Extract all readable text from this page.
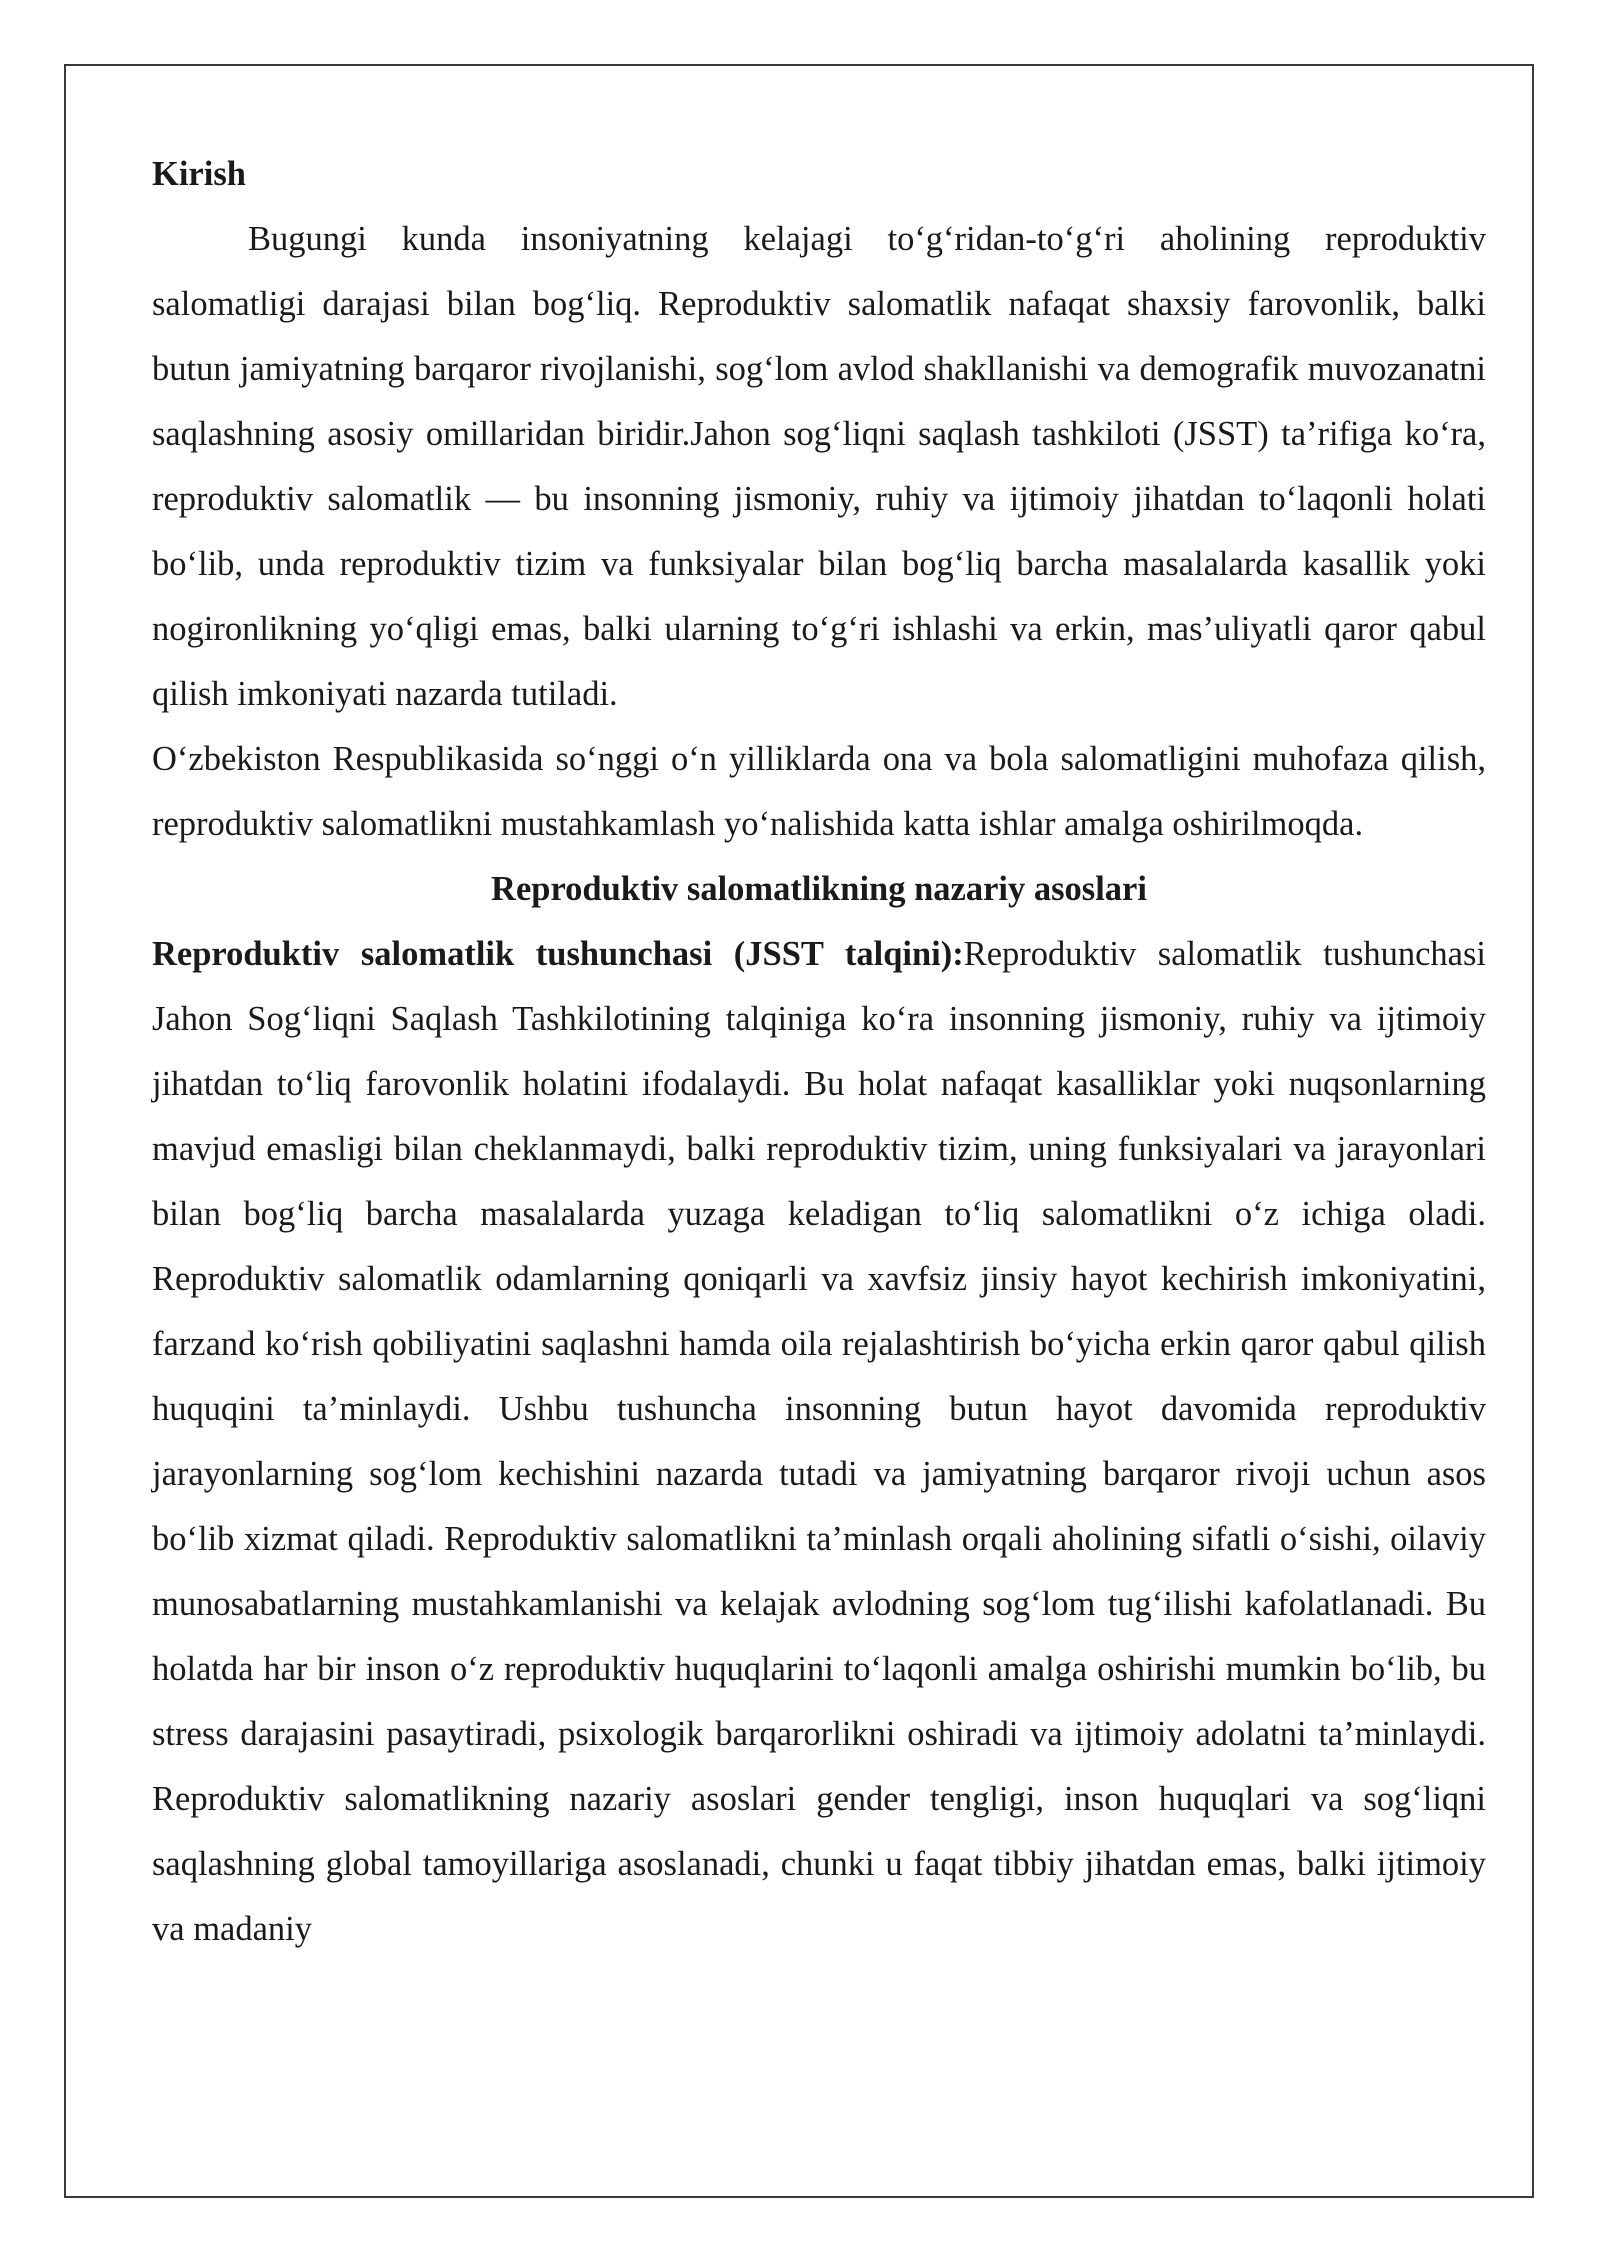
Kirish

Bugungi kunda insoniyatning kelajagi to‘g‘ridan-to‘g‘ri aholining reproduktiv salomatligi darajasi bilan bog‘liq. Reproduktiv salomatlik nafaqat shaxsiy farovonlik, balki butun jamiyatning barqaror rivojlanishi, sog‘lom avlod shakllanishi va demografik muvozanatni saqlashning asosiy omillaridan biridir.Jahon sog‘liqni saqlash tashkiloti (JSST) ta’rifiga ko‘ra, reproduktiv salomatlik — bu insonning jismoniy, ruhiy va ijtimoiy jihatdan to‘laqonli holati bo‘lib, unda reproduktiv tizim va funksiyalar bilan bog‘liq barcha masalalarda kasallik yoki nogironlikning yo‘qligi emas, balki ularning to‘g‘ri ishlashi va erkin, mas’uliyatli qaror qabul qilish imkoniyati nazarda tutiladi.

O‘zbekiston Respublikasida so‘nggi o‘n yilliklarda ona va bola salomatligini muhofaza qilish, reproduktiv salomatlikni mustahkamlash yo‘nalishida katta ishlar amalga oshirilmoqda.

Reproduktiv salomatlikning nazariy asoslari

Reproduktiv salomatlik tushunchasi (JSST talqini):Reproduktiv salomatlik tushunchasi Jahon Sog‘liqni Saqlash Tashkilotining talqiniga ko‘ra insonning jismoniy, ruhiy va ijtimoiy jihatdan to‘liq farovonlik holatini ifodalaydi. Bu holat nafaqat kasalliklar yoki nuqsonlarning mavjud emasligi bilan cheklanmaydi, balki reproduktiv tizim, uning funksiyalari va jarayonlari bilan bog‘liq barcha masalalarda yuzaga keladigan to‘liq salomatlikni o‘z ichiga oladi. Reproduktiv salomatlik odamlarning qoniqarli va xavfsiz jinsiy hayot kechirish imkoniyatini, farzand ko‘rish qobiliyatini saqlashni hamda oila rejalashtirish bo‘yicha erkin qaror qabul qilish huquqini ta’minlaydi. Ushbu tushuncha insonning butun hayot davomida reproduktiv jarayonlarning sog‘lom kechishini nazarda tutadi va jamiyatning barqaror rivoji uchun asos bo‘lib xizmat qiladi. Reproduktiv salomatlikni ta’minlash orqali aholining sifatli o‘sishi, oilaviy munosabatlarning mustahkamlanishi va kelajak avlodning sog‘lom tug‘ilishi kafolatlanadi. Bu holatda har bir inson o‘z reproduktiv huquqlarini to‘laqonli amalga oshirishi mumkin bo‘lib, bu stress darajasini pasaytiradi, psixologik barqarorlikni oshiradi va ijtimoiy adolatni ta’minlaydi. Reproduktiv salomatlikning nazariy asoslari gender tengligi, inson huquqlari va sog‘liqni saqlashning global tamoyillariga asoslanadi, chunki u faqat tibbiy jihatdan emas, balki ijtimoiy va madaniy
